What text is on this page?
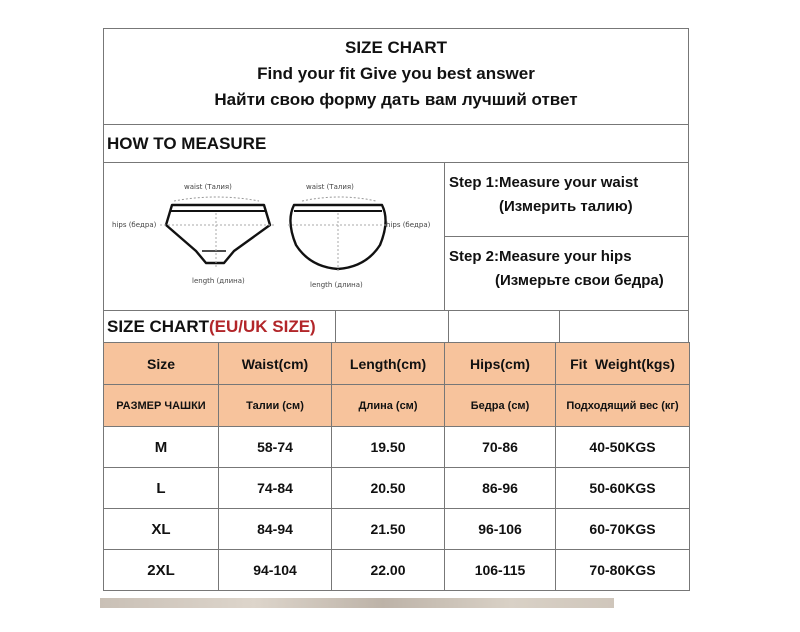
SIZE CHART
Find your fit Give you best answer
Найти свою форму дать вам лучший ответ
HOW TO MEASURE
waist (Талия)
hips (бедра)
length (длина)
waist (Талия)
hips (бедра)
length (длина)
Step 1:Measure your waist
(Измерить талию)
Step 2:Measure your hips
(Измерьте свои бедра)
SIZE CHART(EU/UK SIZE)
Size	Waist(cm)	Length(cm)	Hips(cm)	Fit  Weight(kgs)
РАЗМЕР ЧАШКИ	Талии (см)	Длина (см)	Бедра (см)	Подходящий вес (кг)
M	58-74	19.50	70-86	40-50KGS
L	74-84	20.50	86-96	50-60KGS
XL	84-94	21.50	96-106	60-70KGS
2XL	94-104	22.00	106-115	70-80KGS
